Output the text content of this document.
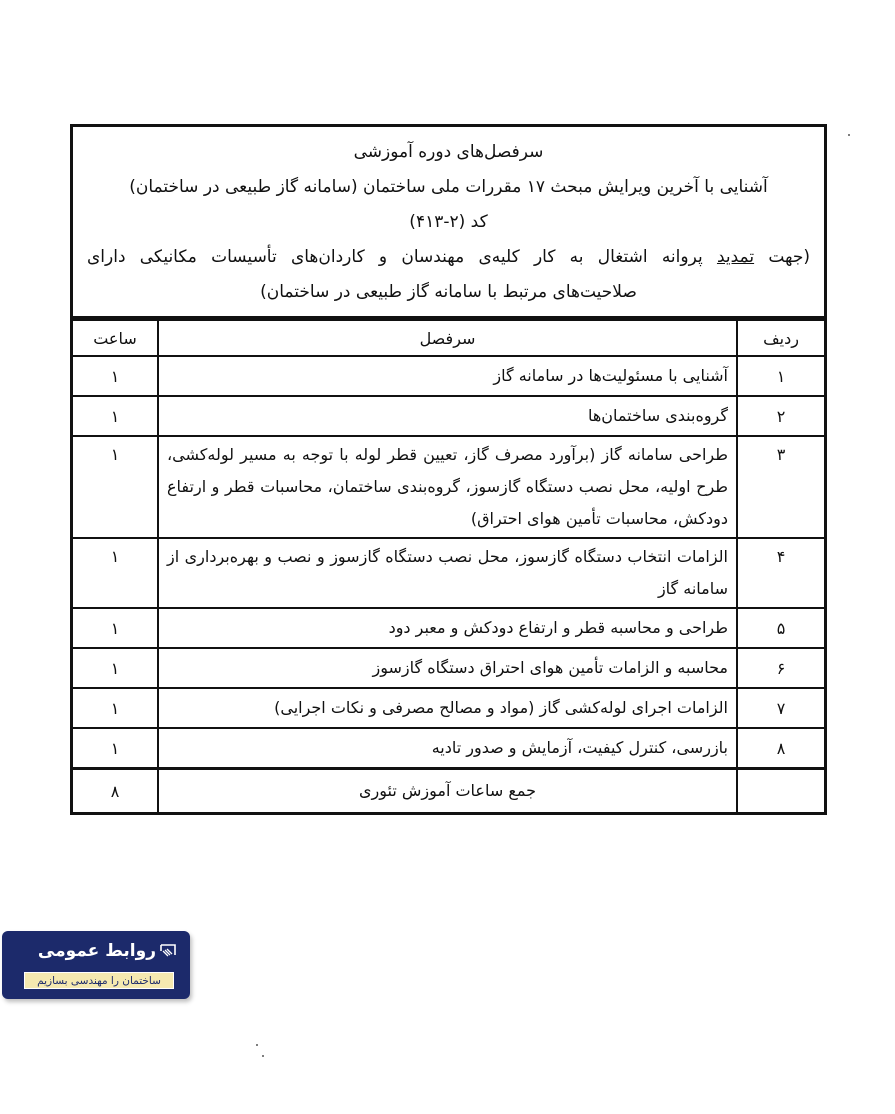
سرفصل‌های دوره آموزشی
آشنایی با آخرین ویرایش مبحث ۱۷ مقررات ملی ساختمان (سامانه گاز طبیعی در ساختمان)
کد (۲-۴۱۳)
(جهت تمدید پروانه اشتغال به کار کلیه‌ی مهندسان و کاردان‌های تأسیسات مکانیکی دارای
صلاحیت‌های مرتبط با سامانه گاز طبیعی در ساختمان)
ردیف	سرفصل	ساعت
۱	آشنایی با مسئولیت‌ها در سامانه گاز	۱
۲	گروه‌بندی ساختمان‌ها	۱
۳	طراحی سامانه گاز (برآورد مصرف گاز، تعیین قطر لوله با توجه به مسیر لوله‌کشی، طرح اولیه، محل نصب دستگاه گازسوز، گروه‌بندی ساختمان، محاسبات قطر و ارتفاع دودکش، محاسبات تأمین هوای احتراق)	۱
۴	الزامات انتخاب دستگاه گازسوز، محل نصب دستگاه گازسوز و نصب و بهره‌برداری از سامانه گاز	۱
۵	طراحی و محاسبه قطر و ارتفاع دودکش و معبر دود	۱
۶	محاسبه و الزامات تأمین هوای احتراق دستگاه گازسوز	۱
۷	الزامات اجرای لوله‌کشی گاز (مواد و مصالح مصرفی و نکات اجرایی)	۱
۸	بازرسی، کنترل کیفیت، آزمایش و صدور تادیه	۱
	جمع ساعات آموزش تئوری	۸
روابط عمومی
ساختمان را مهندسی بسازیم
